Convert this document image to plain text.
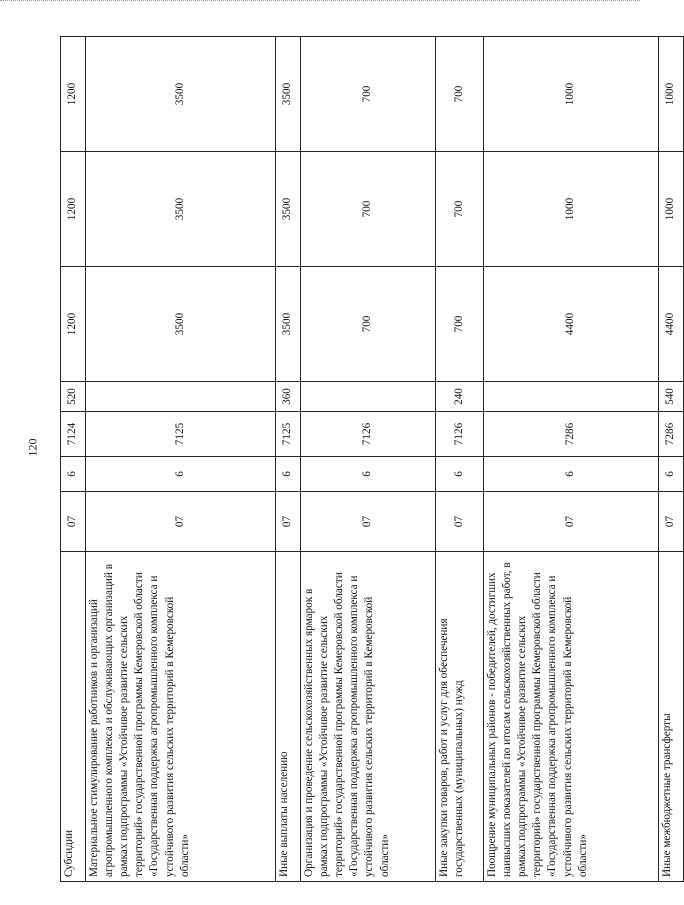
120
Субсидии	07	6	7124	520	1200	1200	1200
Материальное стимулирование работников и организаций агропромышленного комплекса и обслуживающих организаций в рамках подпрограммы «Устойчивое развитие сельских территорий» государственной программы Кемеровской области «Государственная поддержка агропромышленного комплекса и устойчивого развития сельских территорий в Кемеровской области»	07	6	7125		3500	3500	3500
Иные выплаты населению	07	6	7125	360	3500	3500	3500
Организация и проведение сельскохозяйственных ярмарок в рамках подпрограммы «Устойчивое развитие сельских территорий» государственной программы Кемеровской области «Государственная поддержка агропромышленного комплекса и устойчивого развития сельских территорий в Кемеровской области»	07	6	7126		700	700	700
Иные закупки товаров, работ и услуг для обеспечения государственных (муниципальных) нужд	07	6	7126	240	700	700	700
Поощрение муниципальных районов - победителей, достигших наивысших показателей по итогам сельскохозяйственных работ, в рамках подпрограммы «Устойчивое развитие сельских территорий» государственной программы Кемеровской области «Государственная поддержка агропромышленного комплекса и устойчивого развития сельских территорий в Кемеровской области»	07	6	7286		4400	1000	1000
Иные межбюджетные трансферты	07	6	7286	540	4400	1000	1000
